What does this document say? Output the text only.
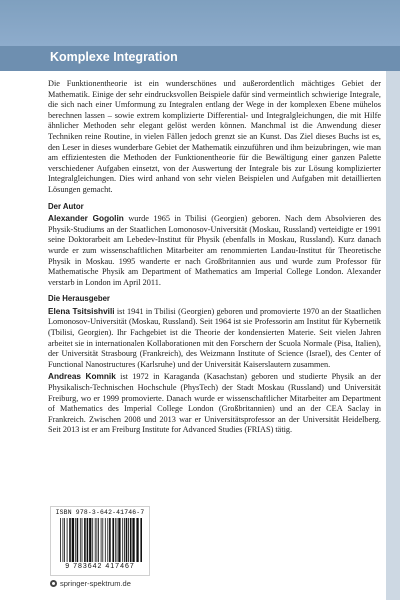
Komplexe Integration

Die Funktionentheorie ist ein wunderschönes und außerordentlich mächtiges Gebiet der Mathematik. Einige der sehr eindrucksvollen Beispiele dafür sind vermeintlich schwierige Integrale, die sich nach einer Umformung zu Integralen entlang der Wege in der komplexen Ebene mühelos berechnen lassen – sowie extrem komplizierte Differential- und Integralgleichungen, die mit Hilfe ähnlicher Methoden sehr elegant gelöst werden können. Manchmal ist die Anwendung dieser Techniken reine Routine, in vielen Fällen jedoch grenzt sie an Kunst. Das Ziel dieses Buchs ist es, den Leser in dieses wunderbare Gebiet der Mathematik einzuführen und ihm beizubringen, wie man am effizientesten die Methoden der Funktionentheorie für die Bewältigung einer ganzen Palette verschiedener Aufgaben einsetzt, von der Auswertung der Integrale bis zur Lösung komplizierter Integralgleichungen. Dies wird anhand von sehr vielen Beispielen und Aufgaben mit detaillierten Lösungen gemacht.

Der Autor

Alexander Gogolin wurde 1965 in Tbilisi (Georgien) geboren. Nach dem Absolvieren des Physik-Studiums an der Staatlichen Lomonosov-Universität (Moskau, Russland) verteidigte er 1991 seine Doktorarbeit am Lebedev-Institut für Physik (ebenfalls in Moskau, Russland). Kurz danach wurde er zum wissenschaftlichen Mitarbeiter am renommierten Landau-Institut für Theoretische Physik in Moskau. 1995 wanderte er nach Großbritannien aus und wurde zum Professor für Mathematische Physik am Department of Mathematics am Imperial College London. Alexander verstarb in London im April 2011.

Die Herausgeber

Elena Tsitsishvili ist 1941 in Tbilisi (Georgien) geboren und promovierte 1970 an der Staatlichen Lomonosov-Universität (Moskau, Russland). Seit 1964 ist sie Professorin am Institut für Kybernetik (Tbilisi, Georgien). Ihr Fachgebiet ist die Theorie der kondensierten Materie. Seit vielen Jahren arbeitet sie in internationalen Kollaborationen mit den Forschern der Scuola Normale (Pisa, Italien), der Universität Strasbourg (Frankreich), des Weizmann Institute of Science (Israel), des Center of Functional Nanostructures (Karlsruhe) und der Universität Kaiserslautern zusammen.

Andreas Komnik ist 1972 in Karaganda (Kasachstan) geboren und studierte Physik an der Physikalisch-Technischen Hochschule (PhysTech) der Stadt Moskau (Russland) und Universität Freiburg, wo er 1999 promovierte. Danach wurde er wissenschaftlicher Mitarbeiter am Department of Mathematics des Imperial College London (Großbritannien) und an der CEA Saclay in Frankreich. Zwischen 2008 und 2013 war er Universitätsprofessor an der Universität Heidelberg. Seit 2013 ist er am Freiburg Institute for Advanced Studies (FRIAS) tätig.

ISBN 978-3-642-41746-7
9 783642 417467
springer-spektrum.de
